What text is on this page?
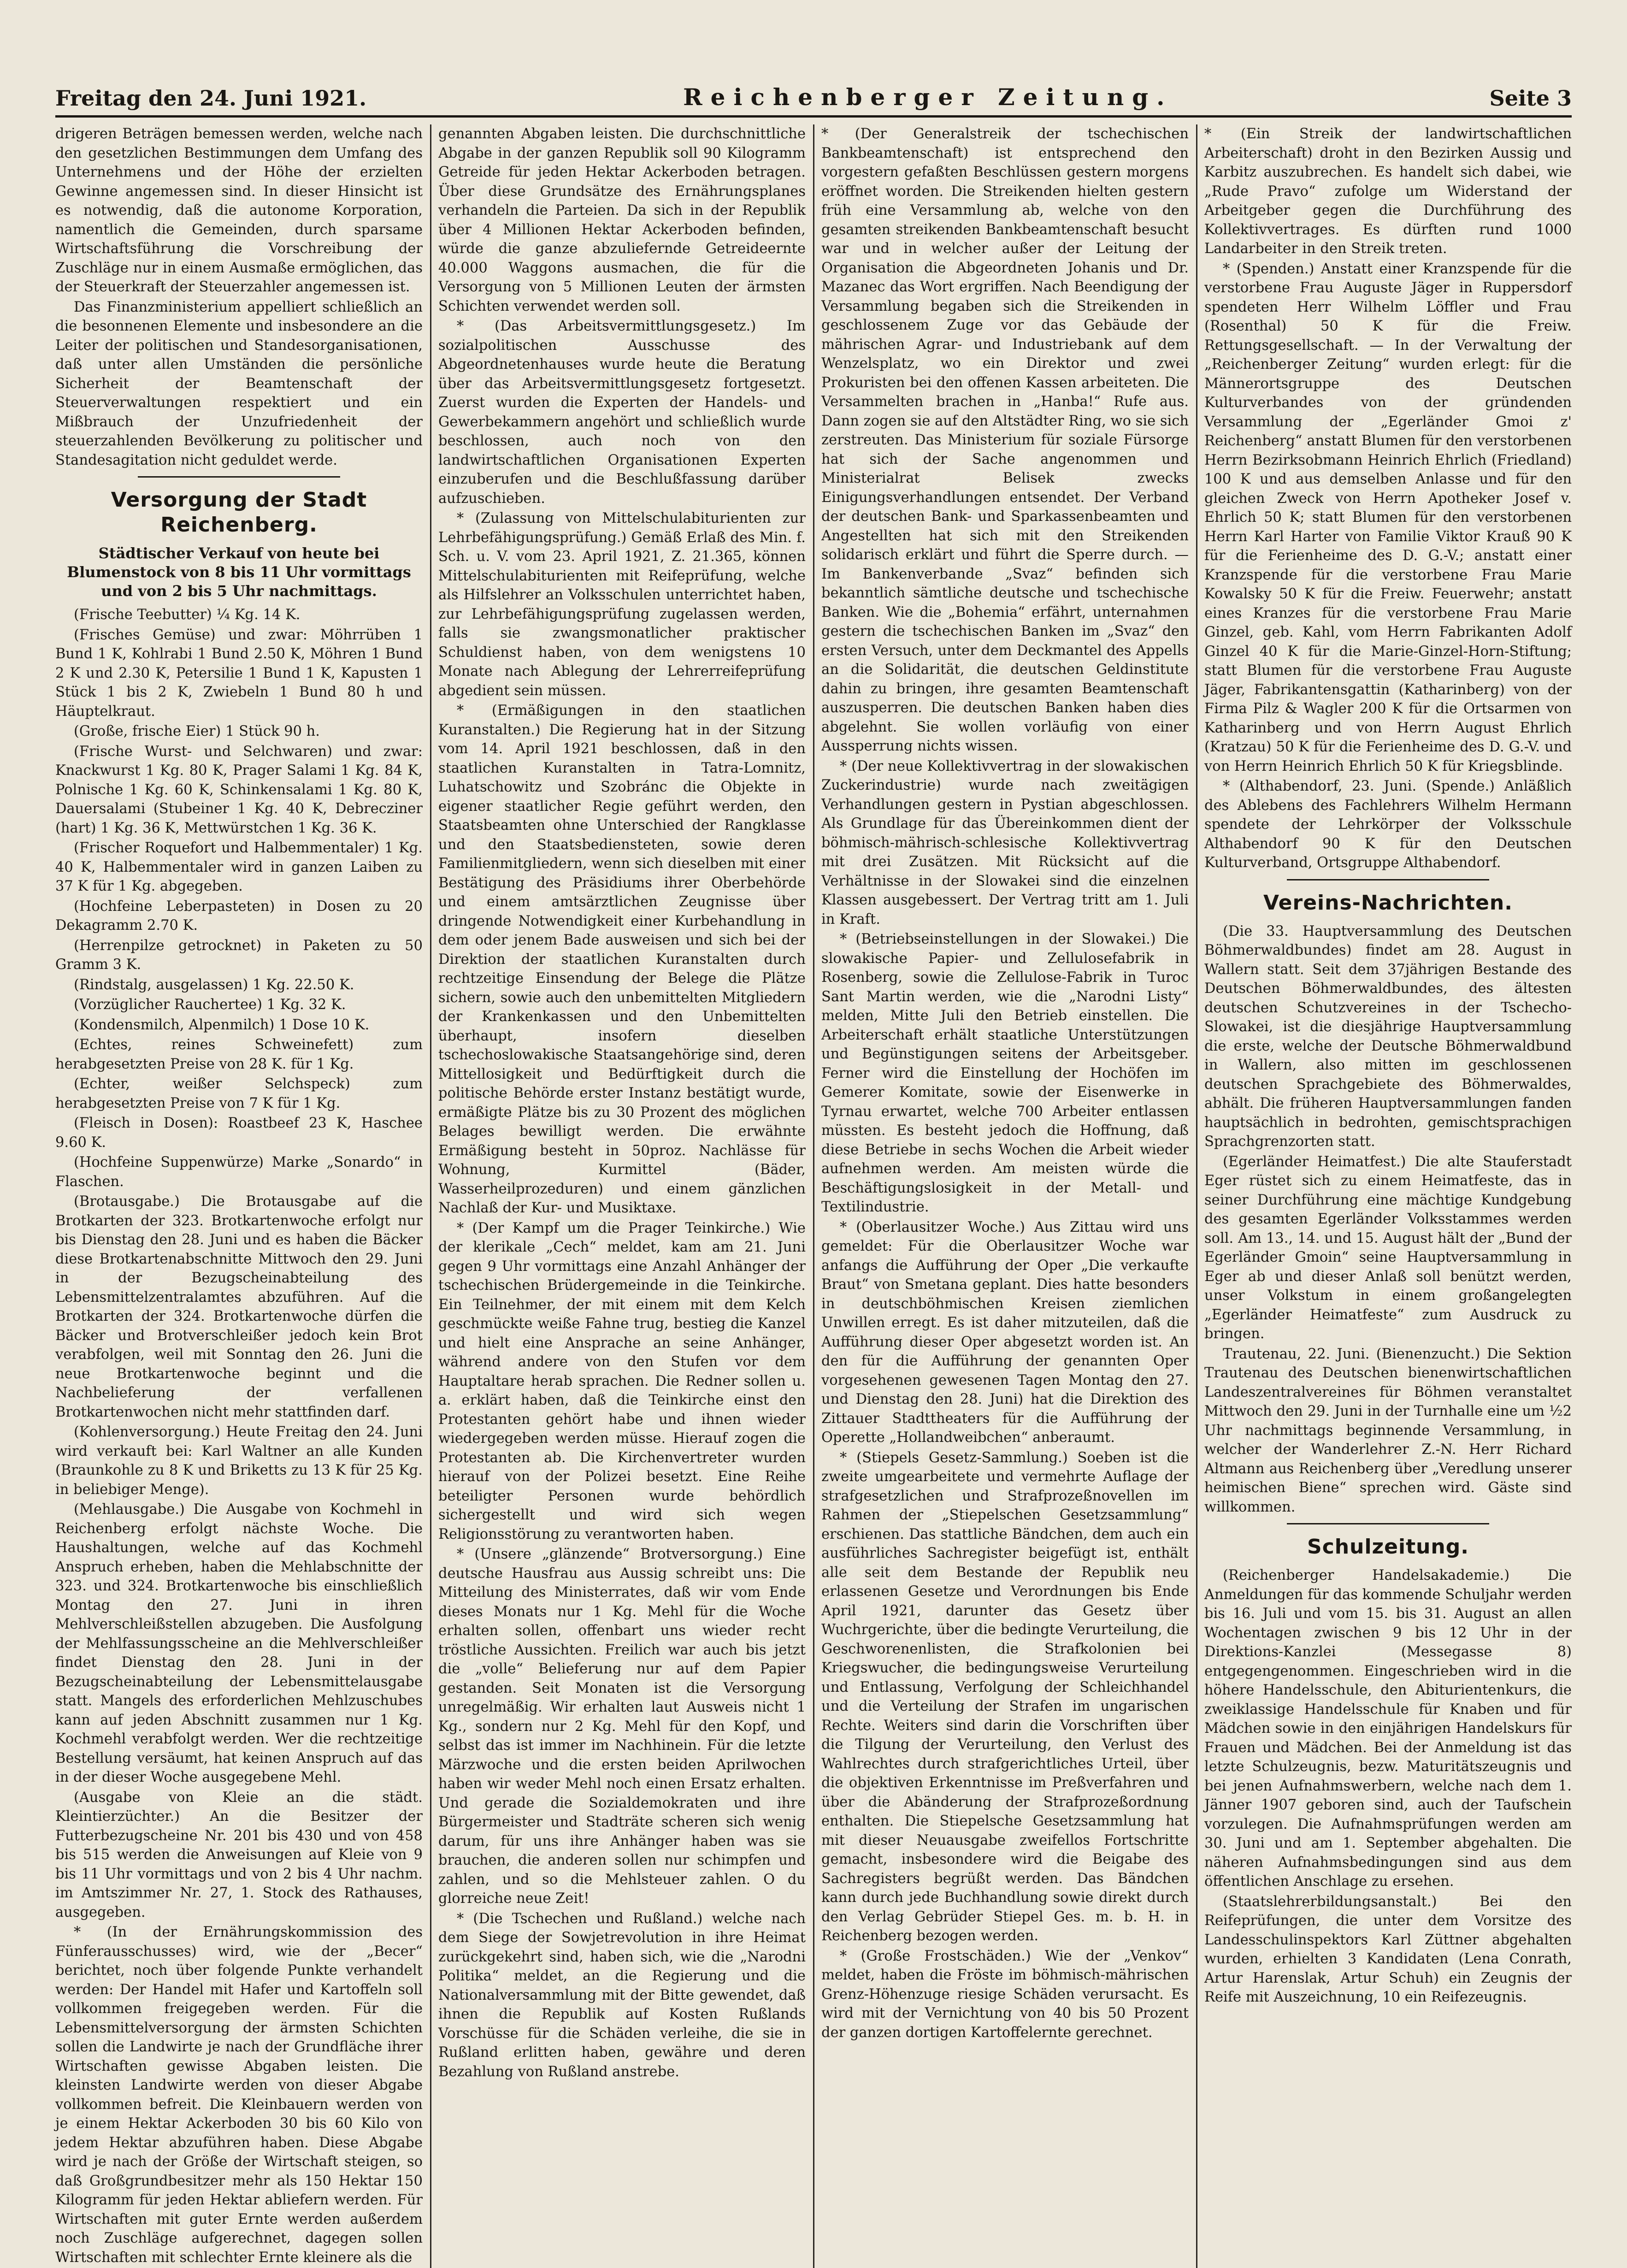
Freitag den 24. Juni 1921.	Reichenberger Zeitung.	Seite 3

drigeren Beträgen bemessen werden, welche nach den gesetzlichen Bestimmungen dem Umfang des Unternehmens und der Höhe der erzielten Gewinne angemessen sind. In dieser Hinsicht ist es notwendig, daß die autonome Korporation, namentlich die Gemeinden, durch sparsame Wirtschaftsführung die Vorschreibung der Zuschläge nur in einem Ausmaße ermöglichen, das der Steuerkraft der Steuerzahler angemessen ist.

Das Finanzministerium appelliert schließlich an die besonnenen Elemente und insbesondere an die Leiter der politischen und Standesorganisationen, daß unter allen Umständen die persönliche Sicherheit der Beamtenschaft der Steuerverwaltungen respektiert und ein Mißbrauch der Unzufriedenheit der steuerzahlenden Bevölkerung zu politischer und Standesagitation nicht geduldet werde.

Versorgung der Stadt Reichenberg.
Städtischer Verkauf von heute bei Blumenstock von 8 bis 11 Uhr vormittags und von 2 bis 5 Uhr nachmittags.

(Frische Teebutter) ¼ Kg. 14 K.

(Frisches Gemüse) und zwar: Möhrrüben 1 Bund 1 K, Kohlrabi 1 Bund 2.50 K, Möhren 1 Bund 2 K und 2.30 K, Petersilie 1 Bund 1 K, Kapusten 1 Stück 1 bis 2 K, Zwiebeln 1 Bund 80 h und Häuptelkraut.

(Große, frische Eier) 1 Stück 90 h.

(Frische Wurst- und Selchwaren) und zwar: Knackwurst 1 Kg. 80 K, Prager Salami 1 Kg. 84 K, Polnische 1 Kg. 60 K, Schinkensalami 1 Kg. 80 K, Dauersalami (Stubeiner 1 Kg. 40 K, Debrecziner (hart) 1 Kg. 36 K, Mettwürstchen 1 Kg. 36 K.

(Frischer Roquefort und Halbemmentaler) 1 Kg. 40 K, Halbemmentaler wird in ganzen Laiben zu 37 K für 1 Kg. abgegeben.

(Hochfeine Leberpasteten) in Dosen zu 20 Dekagramm 2.70 K.

(Herrenpilze getrocknet) in Paketen zu 50 Gramm 3 K.

(Rindstalg, ausgelassen) 1 Kg. 22.50 K.

(Vorzüglicher Rauchertee) 1 Kg. 32 K.

(Kondensmilch, Alpenmilch) 1 Dose 10 K.

(Echtes, reines Schweinefett) zum herabgesetzten Preise von 28 K. für 1 Kg.

(Echter, weißer Selchspeck) zum herabgesetzten Preise von 7 K für 1 Kg.

(Fleisch in Dosen): Roastbeef 23 K, Haschee 9.60 K.

(Hochfeine Suppenwürze) Marke „Sonardo“ in Flaschen.

(Brotausgabe.) Die Brotausgabe auf die Brotkarten der 323. Brotkartenwoche erfolgt nur bis Dienstag den 28. Juni und es haben die Bäcker diese Brotkartenabschnitte Mittwoch den 29. Juni in der Bezugscheinabteilung des Lebensmittelzentralamtes abzuführen. Auf die Brotkarten der 324. Brotkartenwoche dürfen die Bäcker und Brotverschleißer jedoch kein Brot verabfolgen, weil mit Sonntag den 26. Juni die neue Brotkartenwoche beginnt und die Nachbelieferung der verfallenen Brotkartenwochen nicht mehr stattfinden darf.

(Kohlenversorgung.) Heute Freitag den 24. Juni wird verkauft bei: Karl Waltner an alle Kunden (Braunkohle zu 8 K und Briketts zu 13 K für 25 Kg. in beliebiger Menge).

(Mehlausgabe.) Die Ausgabe von Kochmehl in Reichenberg erfolgt nächste Woche. Die Haushaltungen, welche auf das Kochmehl Anspruch erheben, haben die Mehlabschnitte der 323. und 324. Brotkartenwoche bis einschließlich Montag den 27. Juni in ihren Mehlverschleißstellen abzugeben. Die Ausfolgung der Mehlfassungsscheine an die Mehlverschleißer findet Dienstag den 28. Juni in der Bezugscheinabteilung der Lebensmittelausgabe statt. Mangels des erforderlichen Mehlzuschubes kann auf jeden Abschnitt zusammen nur 1 Kg. Kochmehl verabfolgt werden. Wer die rechtzeitige Bestellung versäumt, hat keinen Anspruch auf das in der dieser Woche ausgegebene Mehl.

(Ausgabe von Kleie an die städt. Kleintierzüchter.) An die Besitzer der Futterbezugscheine Nr. 201 bis 430 und von 458 bis 515 werden die Anweisungen auf Kleie von 9 bis 11 Uhr vormittags und von 2 bis 4 Uhr nachm. im Amtszimmer Nr. 27, 1. Stock des Rathauses, ausgegeben.

* (In der Ernährungskommission des Fünferausschusses) wird, wie der „Becer“ berichtet, noch über folgende Punkte verhandelt werden: Der Handel mit Hafer und Kartoffeln soll vollkommen freigegeben werden. Für die Lebensmittelversorgung der ärmsten Schichten sollen die Landwirte je nach der Grundfläche ihrer Wirtschaften gewisse Abgaben leisten. Die kleinsten Landwirte werden von dieser Abgabe vollkommen befreit. Die Kleinbauern werden von je einem Hektar Ackerboden 30 bis 60 Kilo von jedem Hektar abzuführen haben. Diese Abgabe wird je nach der Größe der Wirtschaft steigen, so daß Großgrundbesitzer mehr als 150 Hektar 150 Kilogramm für jeden Hektar abliefern werden. Für Wirtschaften mit guter Ernte werden außerdem noch Zuschläge aufgerechnet, dagegen sollen Wirtschaften mit schlechter Ernte kleinere als die

genannten Abgaben leisten. Die durchschnittliche Abgabe in der ganzen Republik soll 90 Kilogramm Getreide für jeden Hektar Ackerboden betragen. Über diese Grundsätze des Ernährungsplanes verhandeln die Parteien. Da sich in der Republik über 4 Millionen Hektar Ackerboden befinden, würde die ganze abzuliefernde Getreideernte 40.000 Waggons ausmachen, die für die Versorgung von 5 Millionen Leuten der ärmsten Schichten verwendet werden soll.

* (Das Arbeitsvermittlungsgesetz.) Im sozialpolitischen Ausschusse des Abgeordnetenhauses wurde heute die Beratung über das Arbeitsvermittlungsgesetz fortgesetzt. Zuerst wurden die Experten der Handels- und Gewerbekammern angehört und schließlich wurde beschlossen, auch noch von den landwirtschaftlichen Organisationen Experten einzuberufen und die Beschlußfassung darüber aufzuschieben.

* (Zulassung von Mittelschulabiturienten zur Lehrbefähigungsprüfung.) Gemäß Erlaß des Min. f. Sch. u. V. vom 23. April 1921, Z. 21.365, können Mittelschulabiturienten mit Reifeprüfung, welche als Hilfslehrer an Volksschulen unterrichtet haben, zur Lehrbefähigungsprüfung zugelassen werden, falls sie zwangsmonatlicher praktischer Schuldienst haben, von dem wenigstens 10 Monate nach Ablegung der Lehrerreifeprüfung abgedient sein müssen.

* (Ermäßigungen in den staatlichen Kuranstalten.) Die Regierung hat in der Sitzung vom 14. April 1921 beschlossen, daß in den staatlichen Kuranstalten in Tatra-Lomnitz, Luhatschowitz und Szobránc die Objekte in eigener staatlicher Regie geführt werden, den Staatsbeamten ohne Unterschied der Rangklasse und den Staatsbediensteten, sowie deren Familienmitgliedern, wenn sich dieselben mit einer Bestätigung des Präsidiums ihrer Oberbehörde und einem amtsärztlichen Zeugnisse über dringende Notwendigkeit einer Kurbehandlung in dem oder jenem Bade ausweisen und sich bei der Direktion der staatlichen Kuranstalten durch rechtzeitige Einsendung der Belege die Plätze sichern, sowie auch den unbemittelten Mitgliedern der Krankenkassen und den Unbemittelten überhaupt, insofern dieselben tschechoslowakische Staatsangehörige sind, deren Mittellosigkeit und Bedürftigkeit durch die politische Behörde erster Instanz bestätigt wurde, ermäßigte Plätze bis zu 30 Prozent des möglichen Belages bewilligt werden. Die erwähnte Ermäßigung besteht in 50proz. Nachlässe für Wohnung, Kurmittel (Bäder, Wasserheilprozeduren) und einem gänzlichen Nachlaß der Kur- und Musiktaxe.

* (Der Kampf um die Prager Teinkirche.) Wie der klerikale „Cech“ meldet, kam am 21. Juni gegen 9 Uhr vormittags eine Anzahl Anhänger der tschechischen Brüdergemeinde in die Teinkirche. Ein Teilnehmer, der mit einem mit dem Kelch geschmückte weiße Fahne trug, bestieg die Kanzel und hielt eine Ansprache an seine Anhänger, während andere von den Stufen vor dem Hauptaltare herab sprachen. Die Redner sollen u. a. erklärt haben, daß die Teinkirche einst den Protestanten gehört habe und ihnen wieder wiedergegeben werden müsse. Hierauf zogen die Protestanten ab. Die Kirchenvertreter wurden hierauf von der Polizei besetzt. Eine Reihe beteiligter Personen wurde behördlich sichergestellt und wird sich wegen Religionsstörung zu verantworten haben.

* (Unsere „glänzende“ Brotversorgung.) Eine deutsche Hausfrau aus Aussig schreibt uns: Die Mitteilung des Ministerrates, daß wir vom Ende dieses Monats nur 1 Kg. Mehl für die Woche erhalten sollen, offenbart uns wieder recht tröstliche Aussichten. Freilich war auch bis jetzt die „volle“ Belieferung nur auf dem Papier gestanden. Seit Monaten ist die Versorgung unregelmäßig. Wir erhalten laut Ausweis nicht 1 Kg., sondern nur 2 Kg. Mehl für den Kopf, und selbst das ist immer im Nachhinein. Für die letzte Märzwoche und die ersten beiden Aprilwochen haben wir weder Mehl noch einen Ersatz erhalten. Und gerade die Sozialdemokraten und ihre Bürgermeister und Stadträte scheren sich wenig darum, für uns ihre Anhänger haben was sie brauchen, die anderen sollen nur schimpfen und zahlen, und so die Mehlsteuer zahlen. O du glorreiche neue Zeit!

* (Die Tschechen und Rußland.) welche nach dem Siege der Sowjetrevolution in ihre Heimat zurückgekehrt sind, haben sich, wie die „Narodni Politika“ meldet, an die Regierung und die Nationalversammlung mit der Bitte gewendet, daß ihnen die Republik auf Kosten Rußlands Vorschüsse für die Schäden verleihe, die sie in Rußland erlitten haben, gewähre und deren Bezahlung von Rußland anstrebe.

* (Der Generalstreik der tschechischen Bankbeamtenschaft) ist entsprechend den vorgestern gefaßten Beschlüssen gestern morgens eröffnet worden. Die Streikenden hielten gestern früh eine Versammlung ab, welche von den gesamten streikenden Bankbeamtenschaft besucht war und in welcher außer der Leitung der Organisation die Abgeordneten Johanis und Dr. Mazanec das Wort ergriffen. Nach Beendigung der Versammlung begaben sich die Streikenden in geschlossenem Zuge vor das Gebäude der mährischen Agrar- und Industriebank auf dem Wenzelsplatz, wo ein Direktor und zwei Prokuristen bei den offenen Kassen arbeiteten. Die Versammelten brachen in „Hanba!“ Rufe aus. Dann zogen sie auf den Altstädter Ring, wo sie sich zerstreuten. Das Ministerium für soziale Fürsorge hat sich der Sache angenommen und Ministerialrat Belisek zwecks Einigungsverhandlungen entsendet. Der Verband der deutschen Bank- und Sparkassenbeamten und Angestellten hat sich mit den Streikenden solidarisch erklärt und führt die Sperre durch. — Im Bankenverbande „Svaz“ befinden sich bekanntlich sämtliche deutsche und tschechische Banken. Wie die „Bohemia“ erfährt, unternahmen gestern die tschechischen Banken im „Svaz“ den ersten Versuch, unter dem Deckmantel des Appells an die Solidarität, die deutschen Geldinstitute dahin zu bringen, ihre gesamten Beamtenschaft auszusperren. Die deutschen Banken haben dies abgelehnt. Sie wollen vorläufig von einer Aussperrung nichts wissen.

* (Der neue Kollektivvertrag in der slowakischen Zuckerindustrie) wurde nach zweitägigen Verhandlungen gestern in Pystian abgeschlossen. Als Grundlage für das Übereinkommen dient der böhmisch-mährisch-schlesische Kollektivvertrag mit drei Zusätzen. Mit Rücksicht auf die Verhältnisse in der Slowakei sind die einzelnen Klassen ausgebessert. Der Vertrag tritt am 1. Juli in Kraft.

* (Betriebseinstellungen in der Slowakei.) Die slowakische Papier- und Zellulosefabrik in Rosenberg, sowie die Zellulose-Fabrik in Turoc Sant Martin werden, wie die „Narodni Listy“ melden, Mitte Juli den Betrieb einstellen. Die Arbeiterschaft erhält staatliche Unterstützungen und Begünstigungen seitens der Arbeitsgeber. Ferner wird die Einstellung der Hochöfen im Gemerer Komitate, sowie der Eisenwerke in Tyrnau erwartet, welche 700 Arbeiter entlassen müssten. Es besteht jedoch die Hoffnung, daß diese Betriebe in sechs Wochen die Arbeit wieder aufnehmen werden. Am meisten würde die Beschäftigungslosigkeit in der Metall- und Textilindustrie.

* (Oberlausitzer Woche.) Aus Zittau wird uns gemeldet: Für die Oberlausitzer Woche war anfangs die Aufführung der Oper „Die verkaufte Braut“ von Smetana geplant. Dies hatte besonders in deutschböhmischen Kreisen ziemlichen Unwillen erregt. Es ist daher mitzuteilen, daß die Aufführung dieser Oper abgesetzt worden ist. An den für die Aufführung der genannten Oper vorgesehenen gewesenen Tagen Montag den 27. und Dienstag den 28. Juni) hat die Direktion des Zittauer Stadttheaters für die Aufführung der Operette „Hollandweibchen“ anberaumt.

* (Stiepels Gesetz-Sammlung.) Soeben ist die zweite umgearbeitete und vermehrte Auflage der strafgesetzlichen und Strafprozeßnovellen im Rahmen der „Stiepelschen Gesetzsammlung“ erschienen. Das stattliche Bändchen, dem auch ein ausführliches Sachregister beigefügt ist, enthält alle seit dem Bestande der Republik neu erlassenen Gesetze und Verordnungen bis Ende April 1921, darunter das Gesetz über Wuchrgerichte, über die bedingte Verurteilung, die Geschworenenlisten, die Strafkolonien bei Kriegswucher, die bedingungsweise Verurteilung und Entlassung, Verfolgung der Schleichhandel und die Verteilung der Strafen im ungarischen Rechte. Weiters sind darin die Vorschriften über die Tilgung der Verurteilung, den Verlust des Wahlrechtes durch strafgerichtliches Urteil, über die objektiven Erkenntnisse im Preßverfahren und über die Abänderung der Strafprozeßordnung enthalten. Die Stiepelsche Gesetzsammlung hat mit dieser Neuausgabe zweifellos Fortschritte gemacht, insbesondere wird die Beigabe des Sachregisters begrüßt werden. Das Bändchen kann durch jede Buchhandlung sowie direkt durch den Verlag Gebrüder Stiepel Ges. m. b. H. in Reichenberg bezogen werden.

* (Große Frostschäden.) Wie der „Venkov“ meldet, haben die Fröste im böhmisch-mährischen Grenz-Höhenzuge riesige Schäden verursacht. Es wird mit der Vernichtung von 40 bis 50 Prozent der ganzen dortigen Kartoffelernte gerechnet.

* (Ein Streik der landwirtschaftlichen Arbeiterschaft) droht in den Bezirken Aussig und Karbitz auszubrechen. Es handelt sich dabei, wie „Rude Pravo“ zufolge um Widerstand der Arbeitgeber gegen die Durchführung des Kollektivvertrages. Es dürften rund 1000 Landarbeiter in den Streik treten.

* (Spenden.) Anstatt einer Kranzspende für die verstorbene Frau Auguste Jäger in Ruppersdorf spendeten Herr Wilhelm Löffler und Frau (Rosenthal) 50 K für die Freiw. Rettungsgesellschaft. — In der Verwaltung der „Reichenberger Zeitung“ wurden erlegt: für die Männerortsgruppe des Deutschen Kulturverbandes von der gründenden Versammlung der „Egerländer Gmoi z' Reichenberg“ anstatt Blumen für den verstorbenen Herrn Bezirksobmann Heinrich Ehrlich (Friedland) 100 K und aus demselben Anlasse und für den gleichen Zweck von Herrn Apotheker Josef v. Ehrlich 50 K; statt Blumen für den verstorbenen Herrn Karl Harter von Familie Viktor Krauß 90 K für die Ferienheime des D. G.-V.; anstatt einer Kranzspende für die verstorbene Frau Marie Kowalsky 50 K für die Freiw. Feuerwehr; anstatt eines Kranzes für die verstorbene Frau Marie Ginzel, geb. Kahl, vom Herrn Fabrikanten Adolf Ginzel 40 K für die Marie-Ginzel-Horn-Stiftung; statt Blumen für die verstorbene Frau Auguste Jäger, Fabrikantensgattin (Katharinberg) von der Firma Pilz & Wagler 200 K für die Ortsarmen von Katharinberg und von Herrn August Ehrlich (Kratzau) 50 K für die Ferienheime des D. G.-V. und von Herrn Heinrich Ehrlich 50 K für Kriegsblinde.

* (Althabendorf, 23. Juni. (Spende.) Anläßlich des Ablebens des Fachlehrers Wilhelm Hermann spendete der Lehrkörper der Volksschule Althabendorf 90 K für den Deutschen Kulturverband, Ortsgruppe Althabendorf.

Vereins-Nachrichten.

(Die 33. Hauptversammlung des Deutschen Böhmerwaldbundes) findet am 28. August in Wallern statt. Seit dem 37jährigen Bestande des Deutschen Böhmerwaldbundes, des ältesten deutschen Schutzvereines in der Tschecho-Slowakei, ist die diesjährige Hauptversammlung die erste, welche der Deutsche Böhmerwaldbund in Wallern, also mitten im geschlossenen deutschen Sprachgebiete des Böhmerwaldes, abhält. Die früheren Hauptversammlungen fanden hauptsächlich in bedrohten, gemischtsprachigen Sprachgrenzorten statt.

(Egerländer Heimatfest.) Die alte Stauferstadt Eger rüstet sich zu einem Heimatfeste, das in seiner Durchführung eine mächtige Kundgebung des gesamten Egerländer Volksstammes werden soll. Am 13., 14. und 15. August hält der „Bund der Egerländer Gmoin“ seine Hauptversammlung in Eger ab und dieser Anlaß soll benützt werden, unser Volkstum in einem großangelegten „Egerländer Heimatfeste“ zum Ausdruck zu bringen.

Trautenau, 22. Juni. (Bienenzucht.) Die Sektion Trautenau des Deutschen bienenwirtschaftlichen Landeszentralvereines für Böhmen veranstaltet Mittwoch den 29. Juni in der Turnhalle eine um ½2 Uhr nachmittags beginnende Versammlung, in welcher der Wanderlehrer Z.-N. Herr Richard Altmann aus Reichenberg über „Veredlung unserer heimischen Biene“ sprechen wird. Gäste sind willkommen.

Schulzeitung.

(Reichenberger Handelsakademie.) Die Anmeldungen für das kommende Schuljahr werden bis 16. Juli und vom 15. bis 31. August an allen Wochentagen zwischen 9 bis 12 Uhr in der Direktions-Kanzlei (Messegasse 8) entgegengenommen. Eingeschrieben wird in die höhere Handelsschule, den Abiturientenkurs, die zweiklassige Handelsschule für Knaben und für Mädchen sowie in den einjährigen Handelskurs für Frauen und Mädchen. Bei der Anmeldung ist das letzte Schulzeugnis, bezw. Maturitätszeugnis und bei jenen Aufnahmswerbern, welche nach dem 1. Jänner 1907 geboren sind, auch der Taufschein vorzulegen. Die Aufnahmsprüfungen werden am 30. Juni und am 1. September abgehalten. Die näheren Aufnahmsbedingungen sind aus dem öffentlichen Anschlage zu ersehen.

(Staatslehrerbildungsanstalt.) Bei den Reifeprüfungen, die unter dem Vorsitze des Landesschulinspektors Karl Züttner abgehalten wurden, erhielten 3 Kandidaten (Lena Conrath, Artur Harenslak, Artur Schuh) ein Zeugnis der Reife mit Auszeichnung, 10 ein Reifezeugnis.
